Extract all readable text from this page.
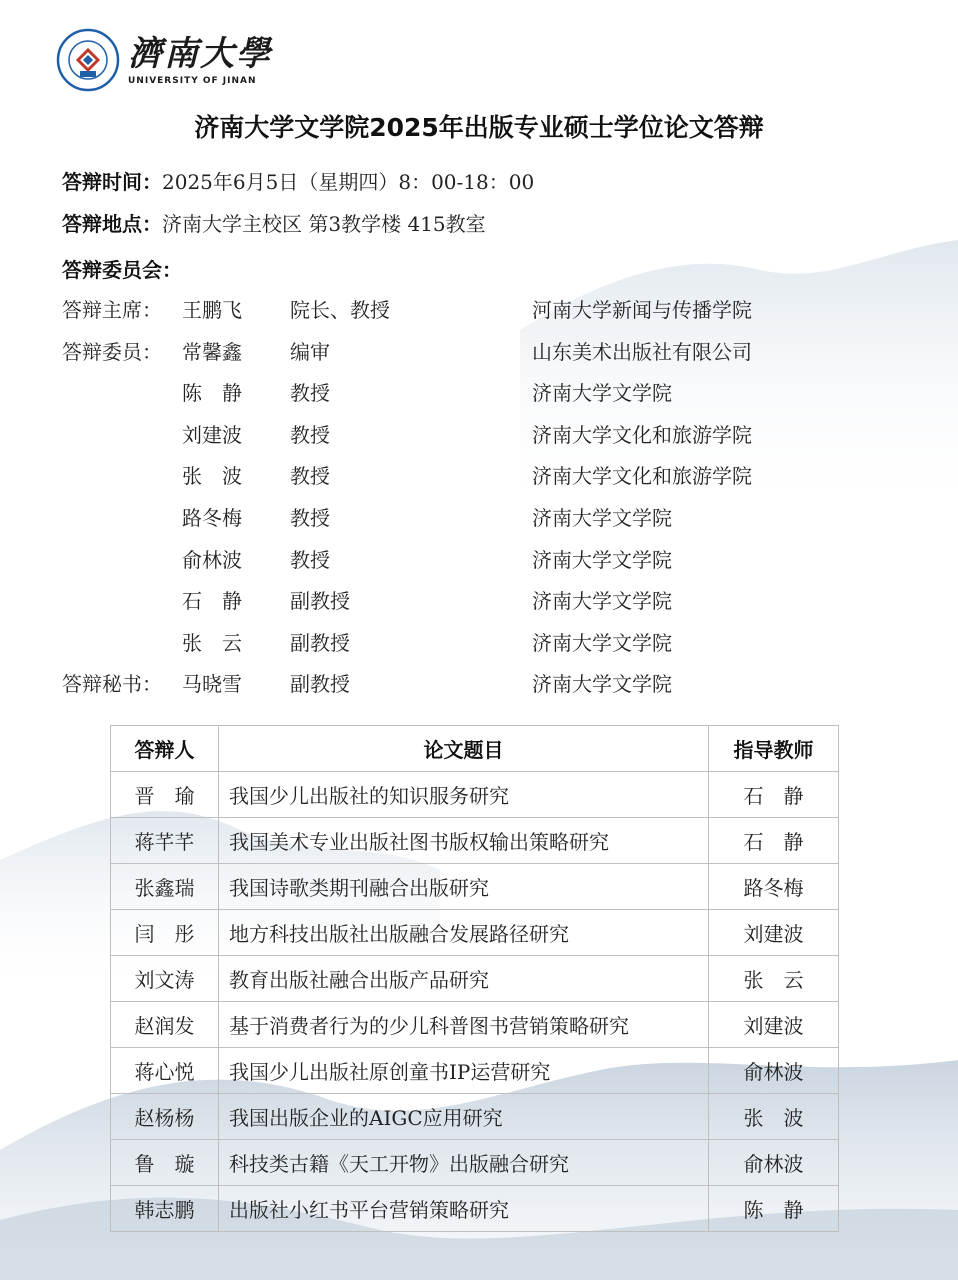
濟南大學
UNIVERSITY OF JINAN
济南大学文学院2025年出版专业硕士学位论文答辩
答辩时间：2025年6月5日（星期四）8：00-18：00
答辩地点：济南大学主校区 第3教学楼 415教室
答辩委员会：
答辩主席： 王鹏飞 院长、教授	河南大学新闻与传播学院
答辩委员： 常馨鑫 编审	山东美术出版社有限公司
陈　静 教授	济南大学文学院
刘建波 教授	济南大学文化和旅游学院
张　波 教授	济南大学文化和旅游学院
路冬梅 教授	济南大学文学院
俞林波 教授	济南大学文学院
石　静 副教授	济南大学文学院
张　云 副教授	济南大学文学院
答辩秘书： 马晓雪 副教授	济南大学文学院
答辩人	论文题目	指导教师
晋　瑜	我国少儿出版社的知识服务研究	石　静
蒋芊芊	我国美术专业出版社图书版权输出策略研究	石　静
张鑫瑞	我国诗歌类期刊融合出版研究	路冬梅
闫　彤	地方科技出版社出版融合发展路径研究	刘建波
刘文涛	教育出版社融合出版产品研究	张　云
赵润发	基于消费者行为的少儿科普图书营销策略研究	刘建波
蒋心悦	我国少儿出版社原创童书IP运营研究	俞林波
赵杨杨	我国出版企业的AIGC应用研究	张　波
鲁　璇	科技类古籍《天工开物》出版融合研究	俞林波
韩志鹏	出版社小红书平台营销策略研究	陈　静
